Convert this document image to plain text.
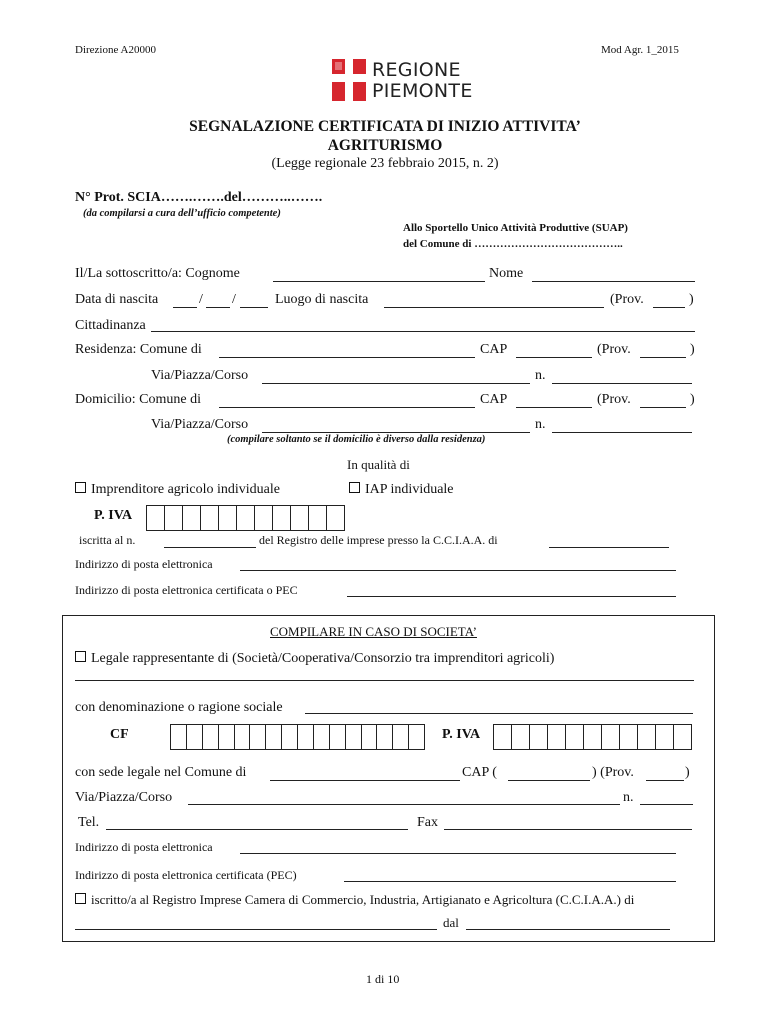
Direzione A20000	Mod Agr. 1_2015
REGIONE
PIEMONTE
SEGNALAZIONE CERTIFICATA DI INIZIO ATTIVITA’
AGRITURISMO
(Legge regionale 23 febbraio 2015, n. 2)
N° Prot. SCIA…….…….del………..…….
(da compilarsi a cura dell’ufficio competente)
Allo Sportello Unico Attività Produttive (SUAP)
del Comune di …………………………………..
Il/La sottoscritto/a: Cognome	Nome
Data di nascita	/ /	Luogo di nascita	(Prov.	)
Cittadinanza
Residenza: Comune di	CAP	(Prov.	)
Via/Piazza/Corso	n.
Domicilio: Comune di	CAP	(Prov.	)
Via/Piazza/Corso	n.
(compilare soltanto se il domicilio è diverso dalla residenza)
In qualità di
Imprenditore agricolo individuale	IAP individuale
P. IVA
iscritta al n.	del Registro delle imprese presso la C.C.I.A.A. di
Indirizzo di posta elettronica
Indirizzo di posta elettronica certificata o PEC
COMPILARE IN CASO DI SOCIETA’
Legale rappresentante di (Società/Cooperativa/Consorzio tra imprenditori agricoli)
con denominazione o ragione sociale
CF	P. IVA
con sede legale nel Comune di	CAP (	) (Prov.	)
Via/Piazza/Corso	n.
Tel.	Fax
Indirizzo di posta elettronica
Indirizzo di posta elettronica certificata (PEC)
iscritto/a al Registro Imprese Camera di Commercio, Industria, Artigianato e Agricoltura (C.C.I.A.A.) di
dal
1 di 10
